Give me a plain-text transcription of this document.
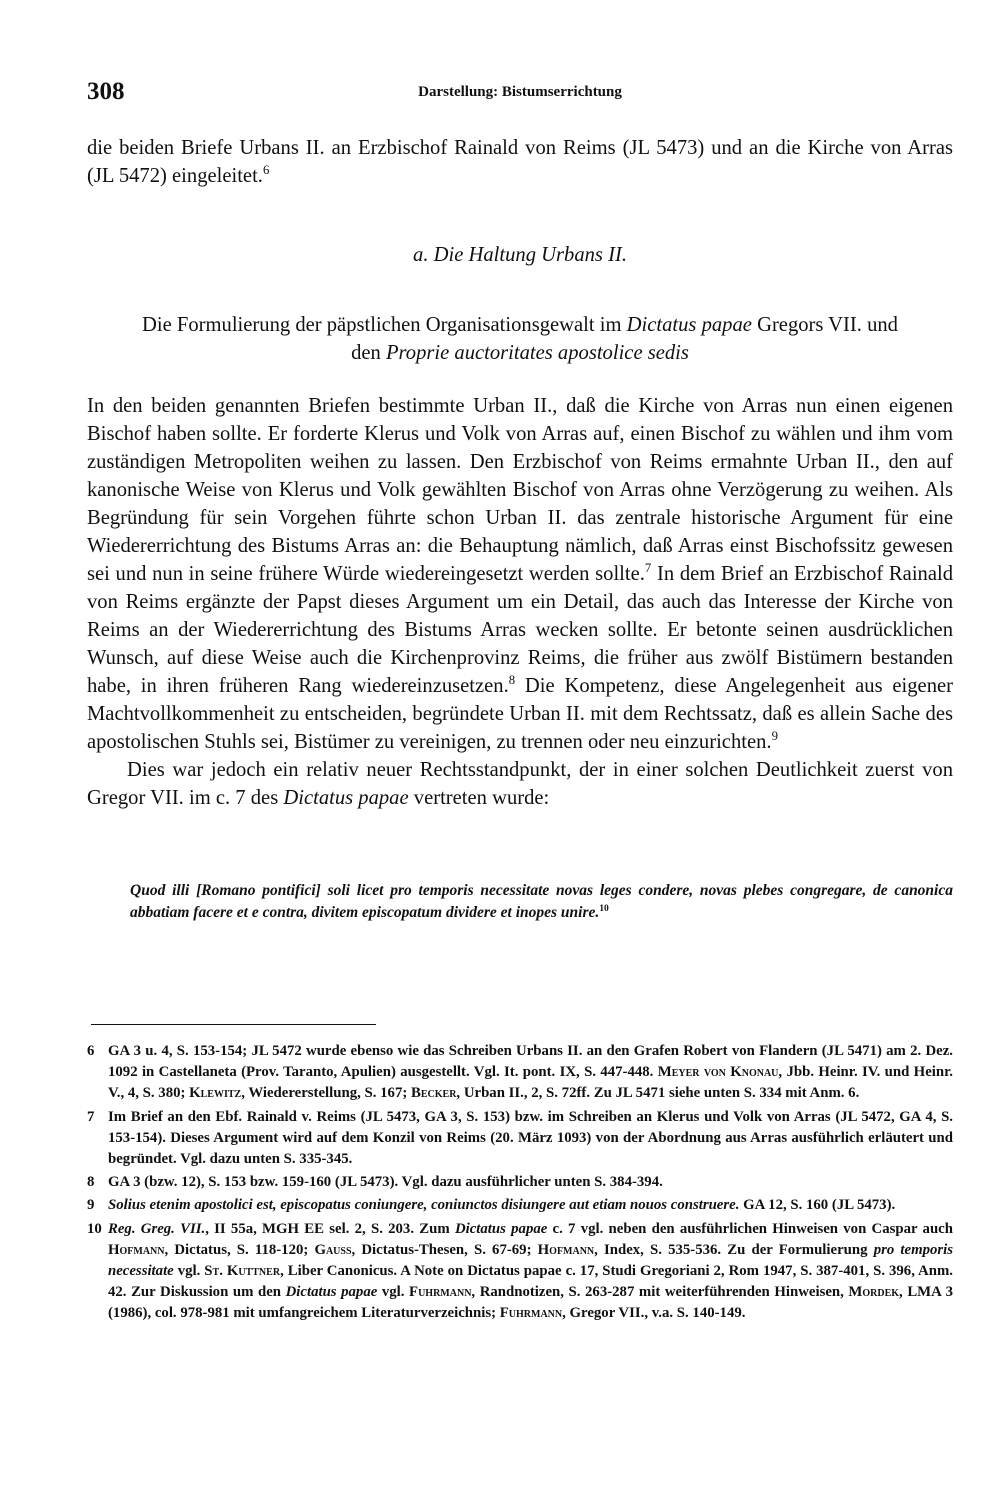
308	Darstellung: Bistumserrichtung

die beiden Briefe Urbans II. an Erzbischof Rainald von Reims (JL 5473) und an die Kirche von Arras (JL 5472) eingeleitet.$^6$

a. Die Haltung Urbans II.
Die Formulierung der päpstlichen Organisationsgewalt im Dictatus papae Gregors VII. und
den Proprie auctoritates apostolice sedis

In den beiden genannten Briefen bestimmte Urban II., daß die Kirche von Arras nun einen eigenen Bischof haben sollte. Er forderte Klerus und Volk von Arras auf, einen Bischof zu wählen und ihm vom zuständigen Metropoliten weihen zu lassen. Den Erzbischof von Reims ermahnte Urban II., den auf kanonische Weise von Klerus und Volk gewählten Bischof von Arras ohne Verzögerung zu weihen. Als Begründung für sein Vorgehen führte schon Urban II. das zentrale historische Argument für eine Wiedererrichtung des Bistums Arras an: die Behauptung nämlich, daß Arras einst Bischofssitz gewesen sei und nun in seine frühere Würde wiedereingesetzt werden sollte.$^7$ In dem Brief an Erzbischof Rainald von Reims ergänzte der Papst dieses Argument um ein Detail, das auch das Interesse der Kirche von Reims an der Wiedererrichtung des Bistums Arras wecken sollte. Er betonte seinen ausdrücklichen Wunsch, auf diese Weise auch die Kirchenprovinz Reims, die früher aus zwölf Bistümern bestanden habe, in ihren früheren Rang wiedereinzusetzen.$^8$ Die Kompetenz, diese Angelegenheit aus eigener Machtvollkommenheit zu entscheiden, begründete Urban II. mit dem Rechtssatz, daß es allein Sache des apostolischen Stuhls sei, Bistümer zu vereinigen, zu trennen oder neu einzurichten.$^9$

Dies war jedoch ein relativ neuer Rechtsstandpunkt, der in einer solchen Deutlichkeit zuerst von Gregor VII. im c. 7 des Dictatus papae vertreten wurde:

Quod illi [Romano pontifici] soli licet pro temporis necessitate novas leges condere, novas plebes congregare, de canonica abbatiam facere et e contra, divitem episcopatum dividere et inopes unire.$^{10}$
6 GA 3 u. 4, S. 153-154; JL 5472 wurde ebenso wie das Schreiben Urbans II. an den Grafen Robert von Flandern (JL 5471) am 2. Dez. 1092 in Castellaneta (Prov. Taranto, Apulien) ausgestellt. Vgl. It. pont. IX, S. 447-448. Meyer von Knonau, Jbb. Heinr. IV. und Heinr. V., 4, S. 380; Klewitz, Wiedererstellung, S. 167; Becker, Urban II., 2, S. 72ff. Zu JL 5471 siehe unten S. 334 mit Anm. 6.
7 Im Brief an den Ebf. Rainald v. Reims (JL 5473, GA 3, S. 153) bzw. im Schreiben an Klerus und Volk von Arras (JL 5472, GA 4, S. 153-154). Dieses Argument wird auf dem Konzil von Reims (20. März 1093) von der Abordnung aus Arras ausführlich erläutert und begründet. Vgl. dazu unten S. 335-345.
8 GA 3 (bzw. 12), S. 153 bzw. 159-160 (JL 5473). Vgl. dazu ausführlicher unten S. 384-394.
9 Solius etenim apostolici est, episcopatus coniungere, coniunctos disiungere aut etiam nouos construere. GA 12, S. 160 (JL 5473).
10 Reg. Greg. VII., II 55a, MGH EE sel. 2, S. 203. Zum Dictatus papae c. 7 vgl. neben den ausführlichen Hinweisen von Caspar auch Hofmann, Dictatus, S. 118-120; Gauss, Dictatus-Thesen, S. 67-69; Hofmann, Index, S. 535-536. Zu der Formulierung pro temporis necessitate vgl. St. Kuttner, Liber Canonicus. A Note on Dictatus papae c. 17, Studi Gregoriani 2, Rom 1947, S. 387-401, S. 396, Anm. 42. Zur Diskussion um den Dictatus papae vgl. Fuhrmann, Randnotizen, S. 263-287 mit weiterführenden Hinweisen, Mordek, LMA 3 (1986), col. 978-981 mit umfangreichem Literaturverzeichnis; Fuhrmann, Gregor VII., v.a. S. 140-149.
